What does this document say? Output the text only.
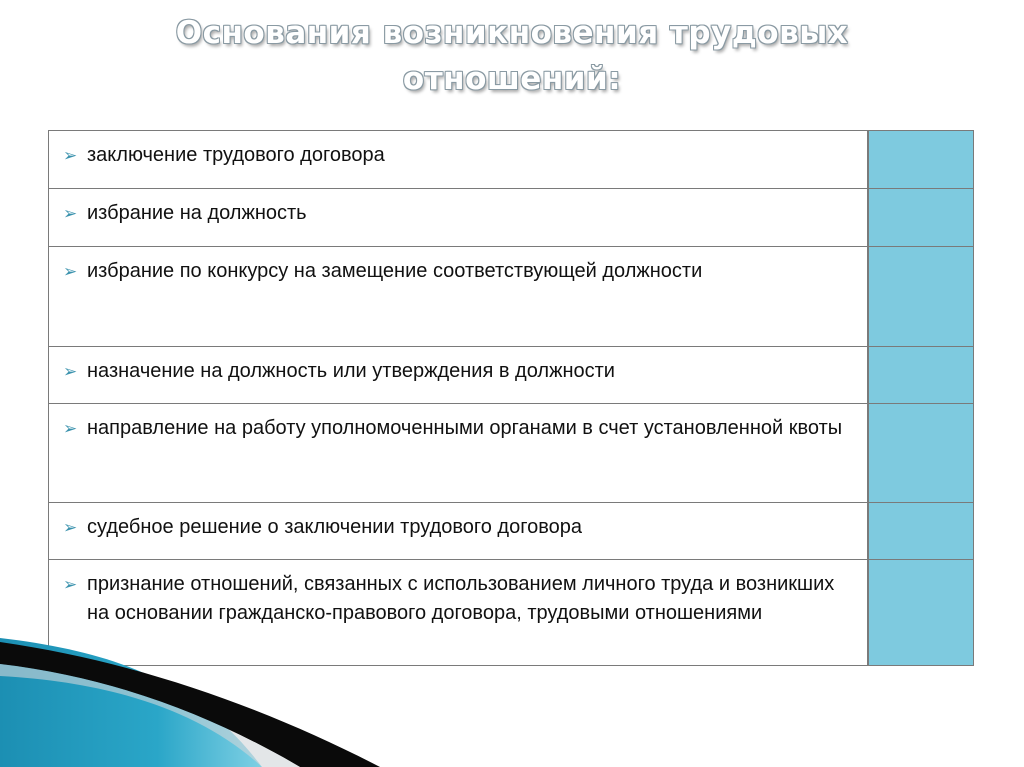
Основания возникновения трудовых
отношений:
➢ заключение трудового договора	

➢ избрание на должность	

➢ избрание по конкурсу на замещение соответствующей должности	

➢ назначение на должность или утверждения в должности	

➢ направление на работу уполномоченными органами в счет установленной квоты	

➢ судебное решение о заключении трудового договора	

➢ признание отношений, связанных с использованием личного труда и возникших на основании гражданско-правового договора, трудовыми отношениями	
